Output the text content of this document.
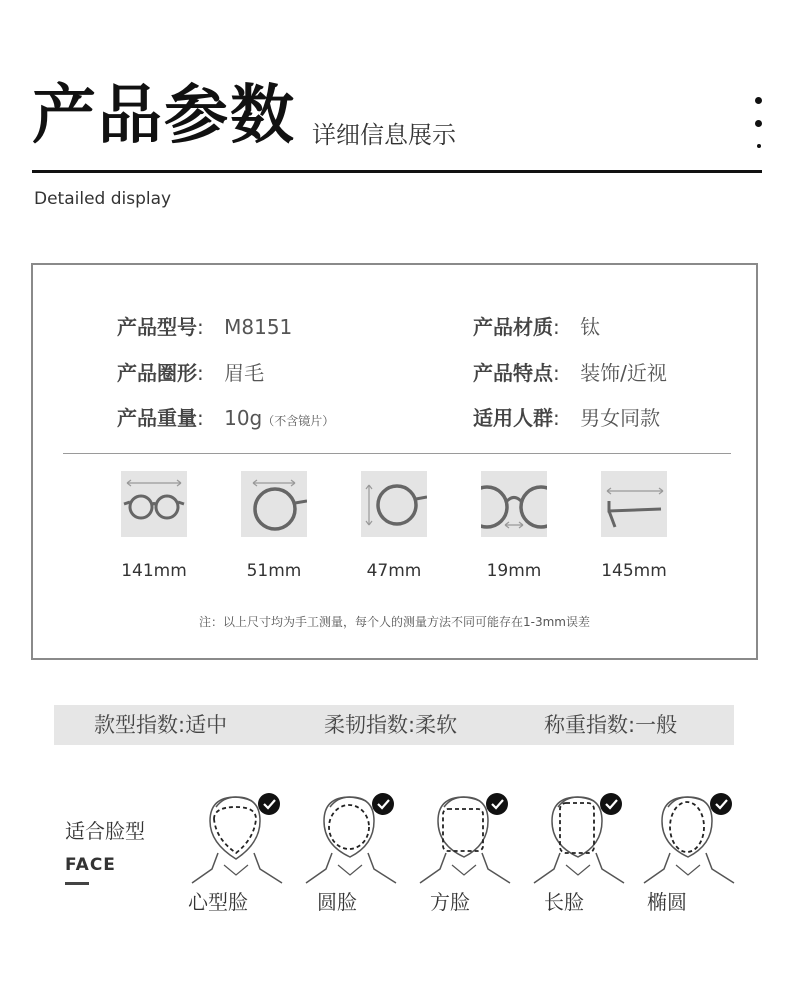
产品参数 详细信息展示
Detailed display
产品型号: M8151	产品材质: 钛
产品圈形: 眉毛	产品特点: 装饰/近视
产品重量: 10g（不含镜片）	适用人群: 男女同款
141mm	51mm	47mm	19mm	145mm
注：以上尺寸均为手工测量，每个人的测量方法不同可能存在1-3mm误差
款型指数:适中	柔韧指数:柔软	称重指数:一般
适合脸型
FACE
心型脸	圆脸	方脸	长脸	椭圆
